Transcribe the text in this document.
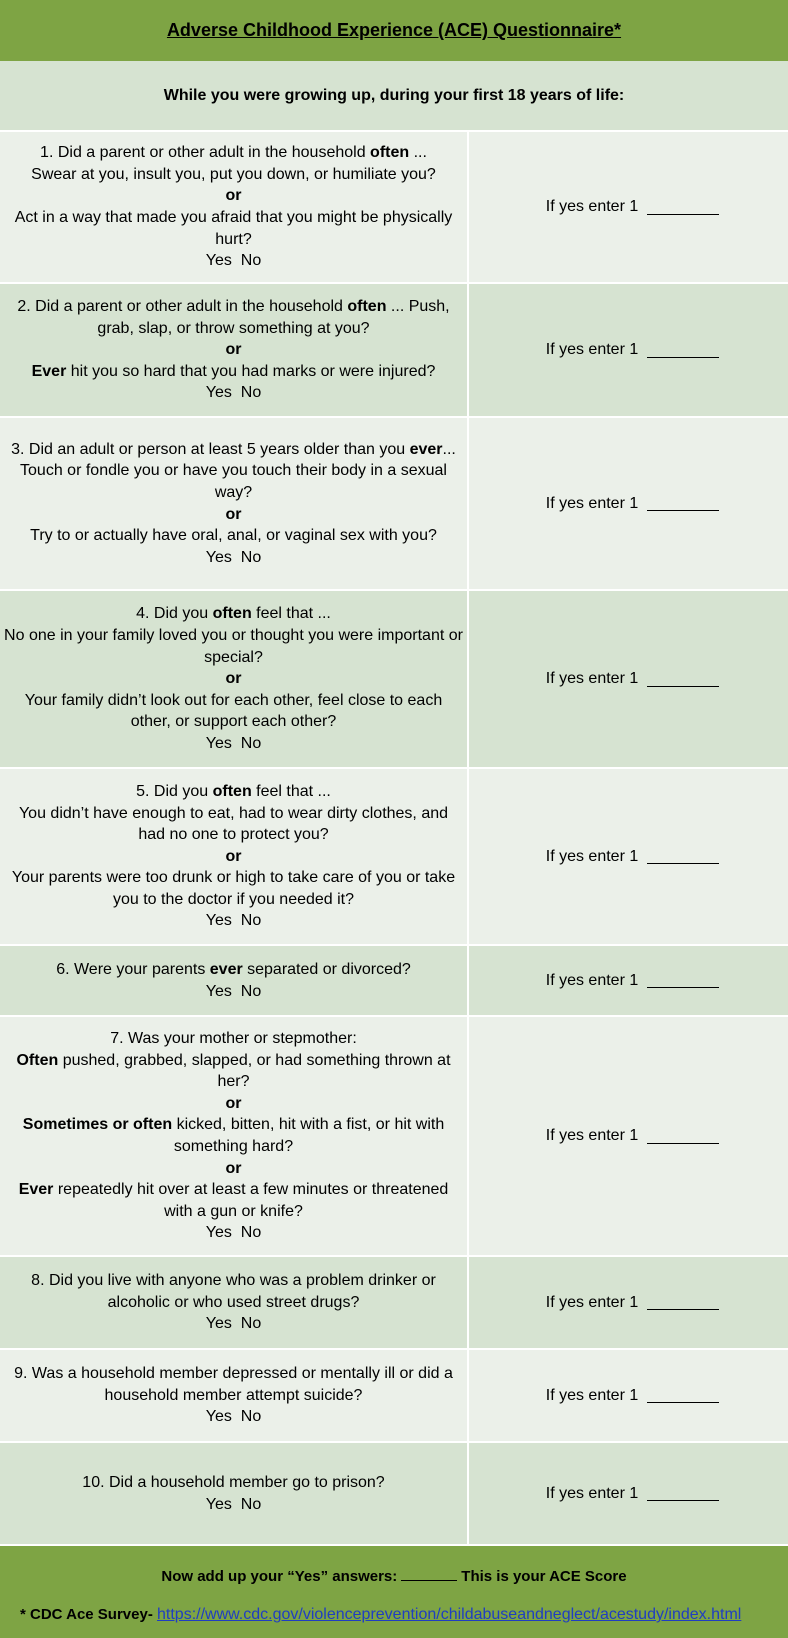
Adverse Childhood Experience (ACE) Questionnaire*
While you were growing up, during your first 18 years of life:
1. Did a parent or other adult in the household often ...
Swear at you, insult you, put you down, or humiliate you?
or
Act in a way that made you afraid that you might be physically hurt?
Yes  No
If yes enter 1
2. Did a parent or other adult in the household often ... Push, grab, slap, or throw something at you?
or
Ever hit you so hard that you had marks or were injured?
Yes  No
If yes enter 1
3. Did an adult or person at least 5 years older than you ever...
Touch or fondle you or have you touch their body in a sexual way?
or
Try to or actually have oral, anal, or vaginal sex with you?
Yes  No
If yes enter 1
4. Did you often feel that ...
No one in your family loved you or thought you were important or special?
or
Your family didn’t look out for each other, feel close to each other, or support each other?
Yes  No
If yes enter 1
5. Did you often feel that ...
You didn’t have enough to eat, had to wear dirty clothes, and had no one to protect you?
or
Your parents were too drunk or high to take care of you or take you to the doctor if you needed it?
Yes  No
If yes enter 1
6. Were your parents ever separated or divorced?
Yes  No
If yes enter 1
7. Was your mother or stepmother:
Often pushed, grabbed, slapped, or had something thrown at her?
or
Sometimes or often kicked, bitten, hit with a fist, or hit with something hard?
or
Ever repeatedly hit over at least a few minutes or threatened with a gun or knife?
Yes  No
If yes enter 1
8. Did you live with anyone who was a problem drinker or alcoholic or who used street drugs?
Yes  No
If yes enter 1
9. Was a household member depressed or mentally ill or did a household member attempt suicide?
Yes  No
If yes enter 1
10. Did a household member go to prison?
Yes  No
If yes enter 1
Now add up your “Yes” answers:	This is your ACE Score
* CDC Ace Survey- https://www.cdc.gov/violenceprevention/childabuseandneglect/acestudy/index.html
